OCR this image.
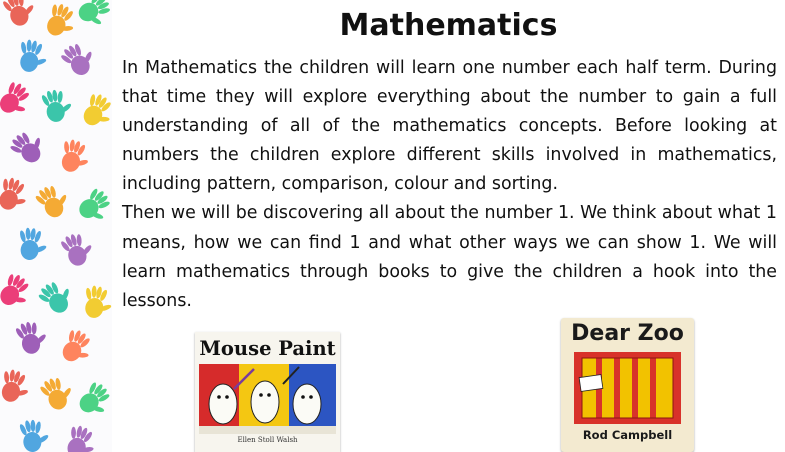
Mathematics

In Mathematics the children will learn one number each half term. During that time they will explore everything about the number to gain a full understanding of all of the mathematics concepts. Before looking at numbers the children explore different skills involved in mathematics, including pattern, comparison, colour and sorting.

Then we will be discovering all about the number 1. We think about what 1 means, how we can find 1 and what other ways we can show 1. We will learn mathematics through books to give the children a hook into the lessons.

Mouse Paint
Ellen Stoll Walsh
Dear Zoo
Rod Campbell
